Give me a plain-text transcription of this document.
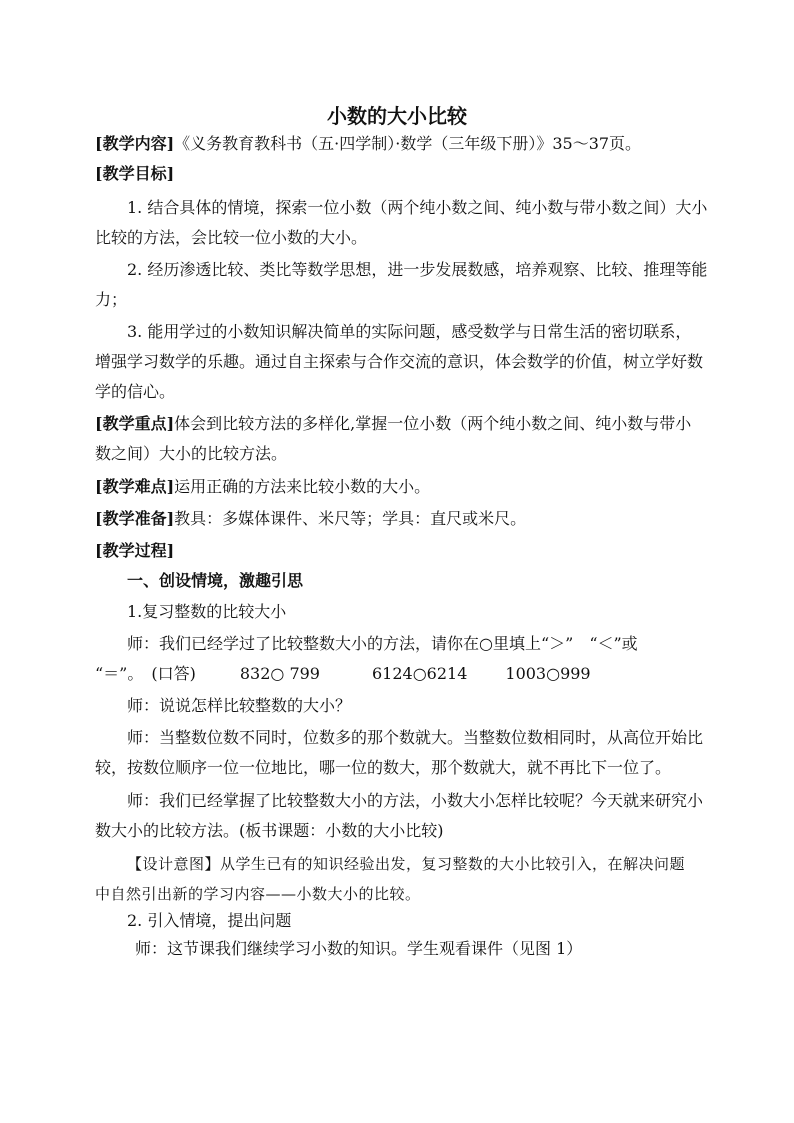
小数的大小比较
[教学内容]《义务教育教科书（五·四学制）·数学（三年级下册）》35～37页。
[教学目标]
1. 结合具体的情境，探索一位小数（两个纯小数之间、纯小数与带小数之间）大小
比较的方法，会比较一位小数的大小。
2. 经历渗透比较、类比等数学思想，进一步发展数感，培养观察、比较、推理等能
力；
3. 能用学过的小数知识解决简单的实际问题，感受数学与日常生活的密切联系，
增强学习数学的乐趣。通过自主探索与合作交流的意识，体会数学的价值，树立学好数
学的信心。
[教学重点]体会到比较方法的多样化,掌握一位小数（两个纯小数之间、纯小数与带小
数之间）大小的比较方法。
[教学难点]运用正确的方法来比较小数的大小。
[教学准备]教具：多媒体课件、米尺等；学具：直尺或米尺。
[教学过程]
一、创设情境，激趣引思
1.复习整数的比较大小
师：我们已经学过了比较整数大小的方法，请你在○里填上“＞”　“＜”或
“＝”。　(口答)	832○ 799	6124○6214 1003○999
师：说说怎样比较整数的大小？
师：当整数位数不同时，位数多的那个数就大。当整数位数相同时，从高位开始比
较，按数位顺序一位一位地比，哪一位的数大，那个数就大，就不再比下一位了。
师：我们已经掌握了比较整数大小的方法，小数大小怎样比较呢？今天就来研究小
数大小的比较方法。(板书课题：小数的大小比较)
【设计意图】从学生已有的知识经验出发，复习整数的大小比较引入，在解决问题
中自然引出新的学习内容——小数大小的比较。
2. 引入情境，提出问题
师：这节课我们继续学习小数的知识。学生观看课件（见图 1）
